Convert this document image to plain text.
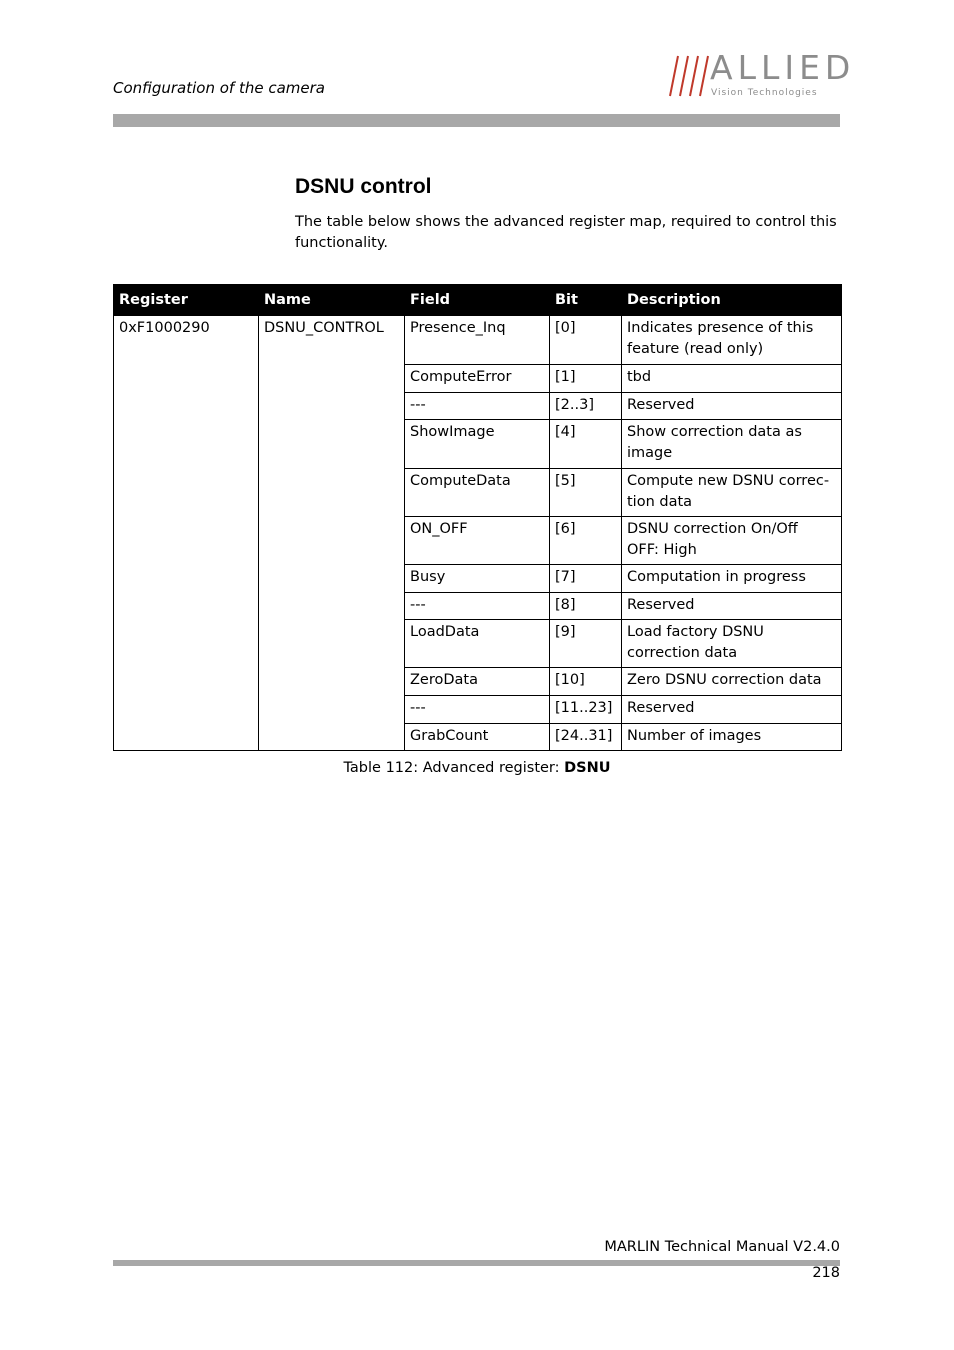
Configuration of the camera
ALLIED
Vision Technologies
DSNU control
The table below shows the advanced register map, required to control this functionality.
Register	Name	Field	Bit	Description
0xF1000290	DSNU_CONTROL	Presence_Inq	[0]	Indicates presence of this feature (read only)
		ComputeError	[1]	tbd
		---	[2..3]	Reserved
		ShowImage	[4]	Show correction data as image
		ComputeData	[5]	Compute new DSNU correc-tion data
		ON_OFF	[6]	DSNU correction On/Off
OFF: High

		Busy	[7]	Computation in progress
		---	[8]	Reserved
		LoadData	[9]	Load factory DSNU correction data
		ZeroData	[10]	Zero DSNU correction data
		---	[11..23]	Reserved
		GrabCount	[24..31]	Number of images
Table 112: Advanced register: DSNU
MARLIN Technical Manual V2.4.0
218
